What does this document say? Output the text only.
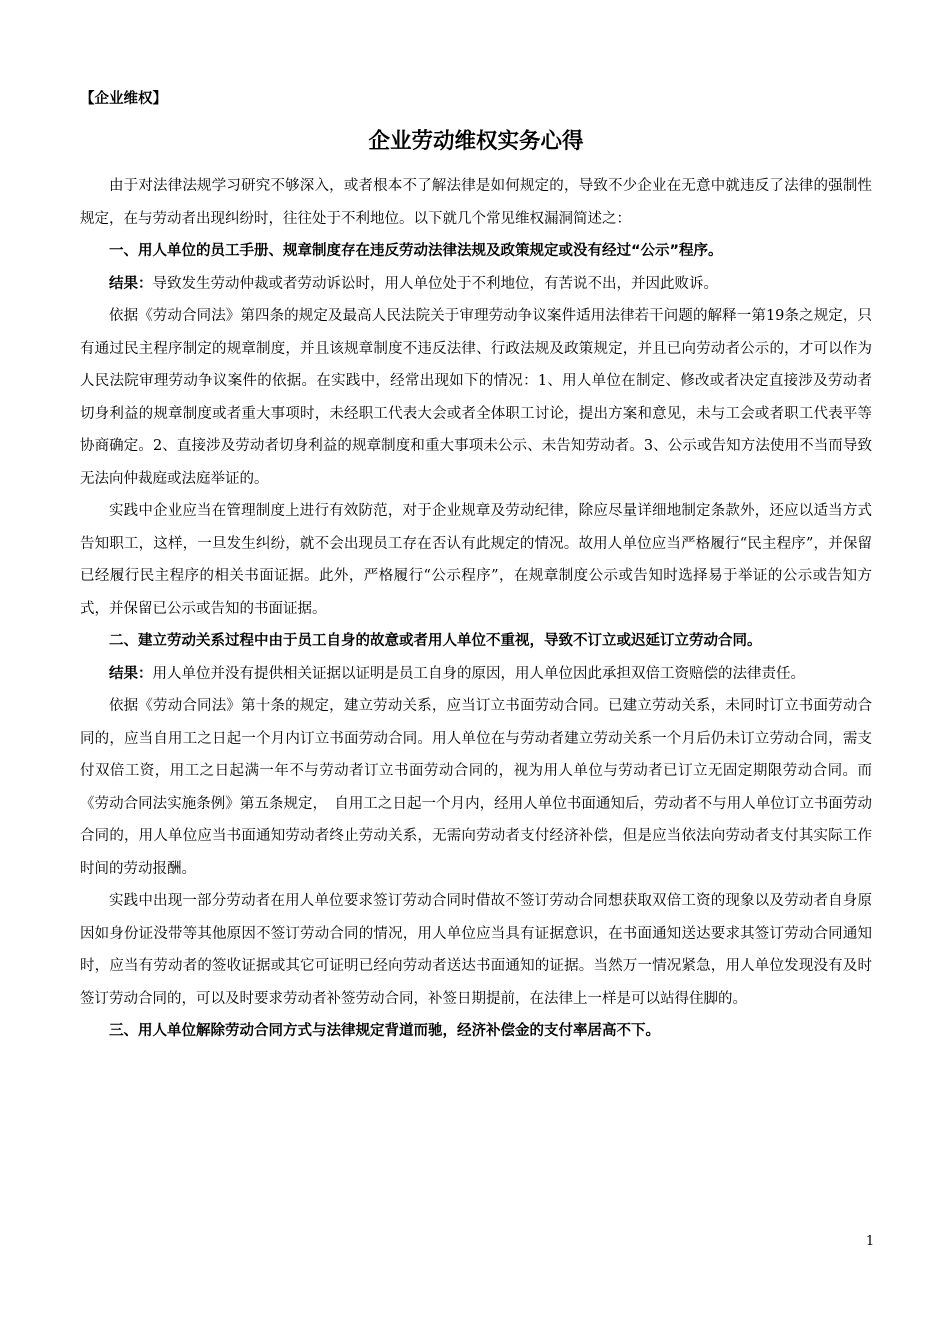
【企业维权】
企业劳动维权实务心得

由于对法律法规学习研究不够深入，或者根本不了解法律是如何规定的，导致不少企业在无意中就违反了法律的强制性规定，在与劳动者出现纠纷时，往往处于不利地位。以下就几个常见维权漏洞简述之：

一、用人单位的员工手册、规章制度存在违反劳动法律法规及政策规定或没有经过“公示”程序。

结果：导致发生劳动仲裁或者劳动诉讼时，用人单位处于不利地位，有苦说不出，并因此败诉。

依据《劳动合同法》第四条的规定及最高人民法院关于审理劳动争议案件适用法律若干问题的解释一第19条之规定，只有通过民主程序制定的规章制度，并且该规章制度不违反法律、行政法规及政策规定，并且已向劳动者公示的，才可以作为人民法院审理劳动争议案件的依据。在实践中，经常出现如下的情况：1、用人单位在制定、修改或者决定直接涉及劳动者切身利益的规章制度或者重大事项时，未经职工代表大会或者全体职工讨论，提出方案和意见，未与工会或者职工代表平等协商确定。2、直接涉及劳动者切身利益的规章制度和重大事项未公示、未告知劳动者。3、公示或告知方法使用不当而导致无法向仲裁庭或法庭举证的。

实践中企业应当在管理制度上进行有效防范，对于企业规章及劳动纪律，除应尽量详细地制定条款外，还应以适当方式告知职工，这样，一旦发生纠纷，就不会出现员工存在否认有此规定的情况。故用人单位应当严格履行“民主程序”，并保留已经履行民主程序的相关书面证据。此外，严格履行“公示程序”，在规章制度公示或告知时选择易于举证的公示或告知方式，并保留已公示或告知的书面证据。

二、建立劳动关系过程中由于员工自身的故意或者用人单位不重视，导致不订立或迟延订立劳动合同。

结果：用人单位并没有提供相关证据以证明是员工自身的原因，用人单位因此承担双倍工资赔偿的法律责任。

依据《劳动合同法》第十条的规定，建立劳动关系，应当订立书面劳动合同。已建立劳动关系，未同时订立书面劳动合同的，应当自用工之日起一个月内订立书面劳动合同。用人单位在与劳动者建立劳动关系一个月后仍未订立劳动合同，需支付双倍工资，用工之日起满一年不与劳动者订立书面劳动合同的，视为用人单位与劳动者已订立无固定期限劳动合同。而《劳动合同法实施条例》第五条规定，　自用工之日起一个月内，经用人单位书面通知后，劳动者不与用人单位订立书面劳动合同的，用人单位应当书面通知劳动者终止劳动关系，无需向劳动者支付经济补偿，但是应当依法向劳动者支付其实际工作时间的劳动报酬。

实践中出现一部分劳动者在用人单位要求签订劳动合同时借故不签订劳动合同想获取双倍工资的现象以及劳动者自身原因如身份证没带等其他原因不签订劳动合同的情况，用人单位应当具有证据意识，在书面通知送达要求其签订劳动合同通知时，应当有劳动者的签收证据或其它可证明已经向劳动者送达书面通知的证据。当然万一情况紧急，用人单位发现没有及时签订劳动合同的，可以及时要求劳动者补签劳动合同，补签日期提前，在法律上一样是可以站得住脚的。

三、用人单位解除劳动合同方式与法律规定背道而驰，经济补偿金的支付率居高不下。

1
